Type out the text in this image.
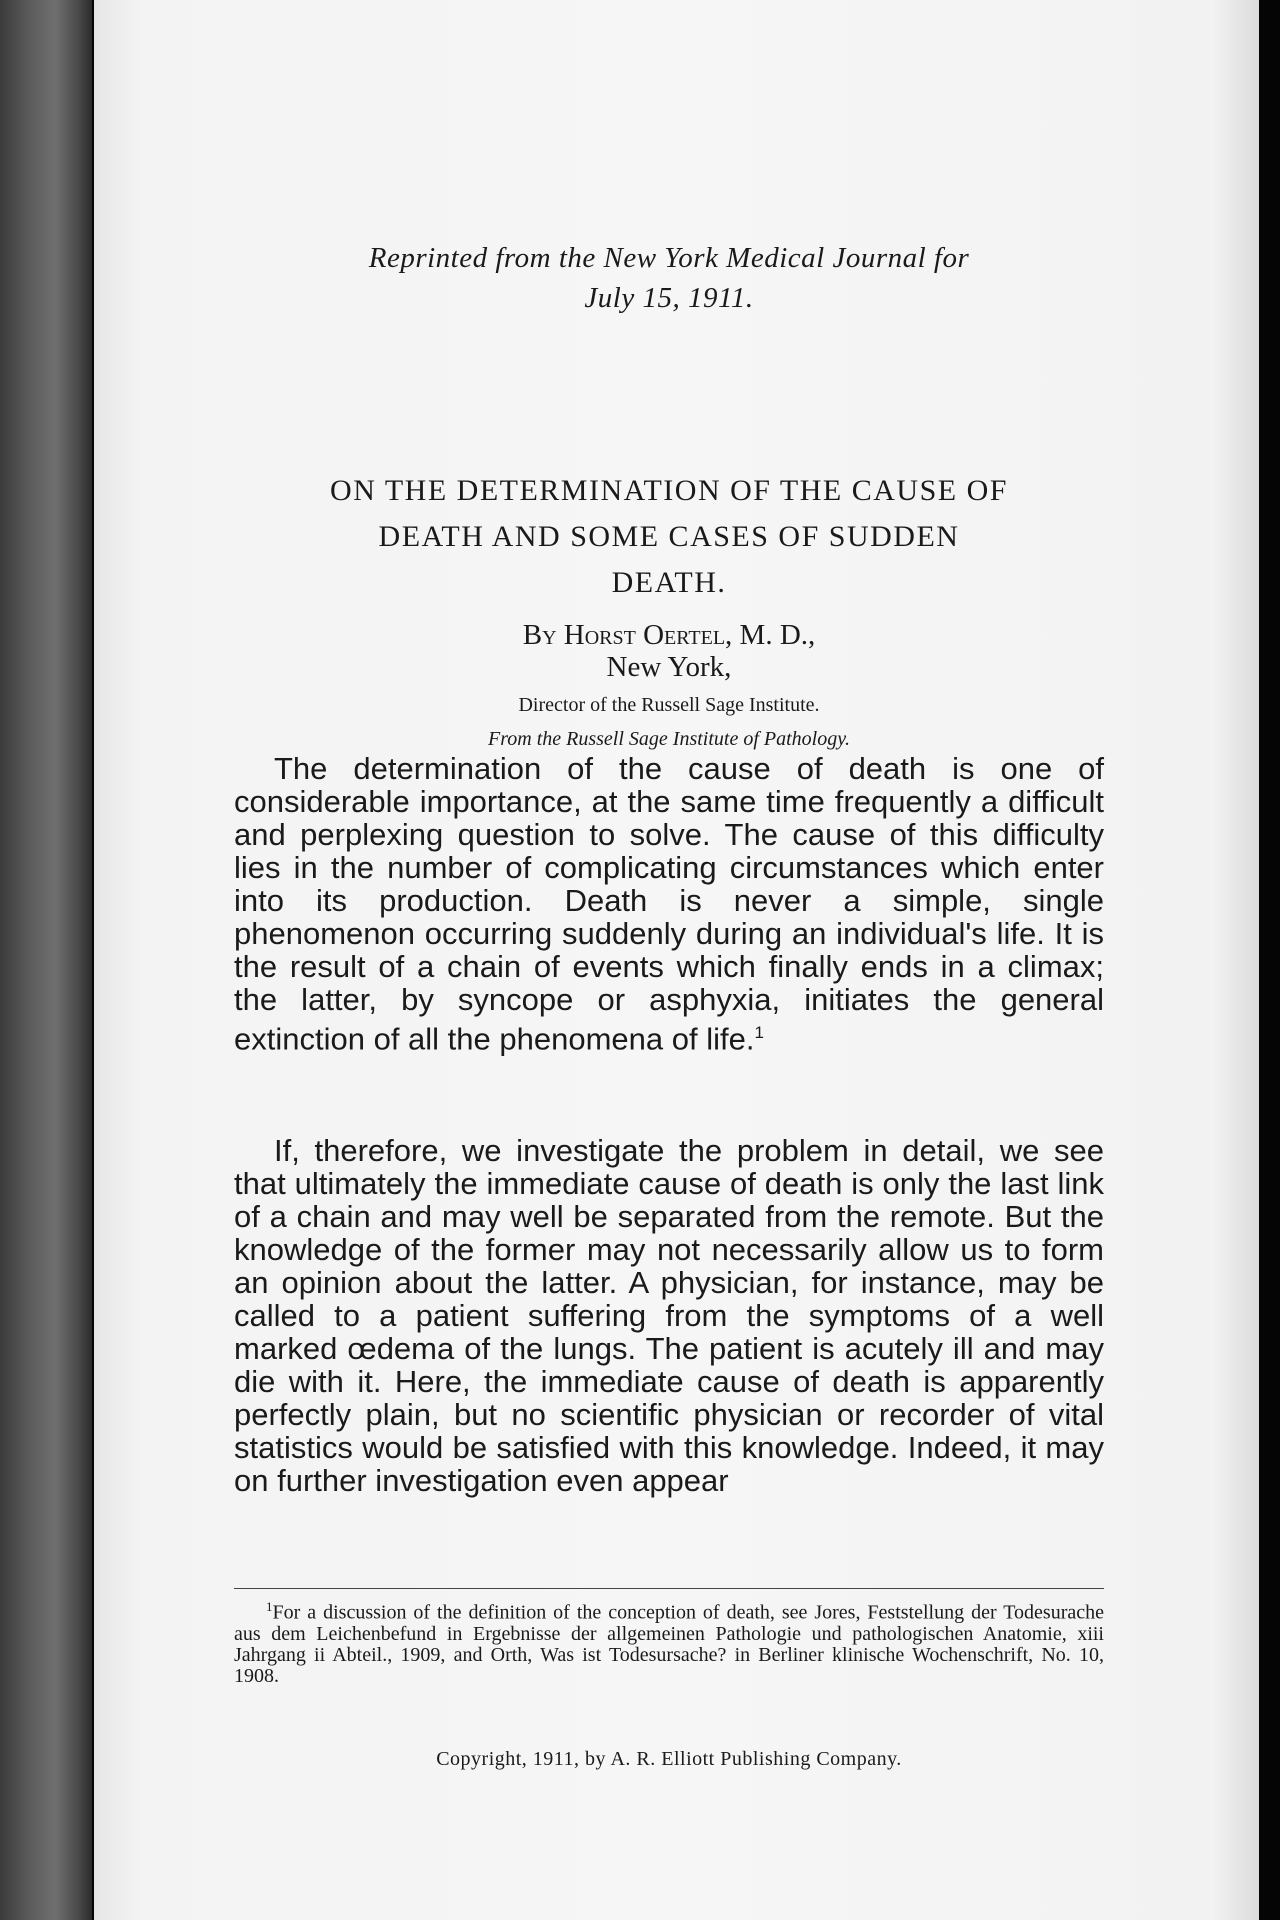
Reprinted from the New York Medical Journal for
July 15, 1911.
ON THE DETERMINATION OF THE CAUSE OF
DEATH AND SOME CASES OF SUDDEN
DEATH.
By Horst Oertel, M. D.,
New York,
Director of the Russell Sage Institute.
From the Russell Sage Institute of Pathology.

The determination of the cause of death is one of considerable importance, at the same time frequently a difficult and perplexing question to solve. The cause of this difficulty lies in the number of complicating circumstances which enter into its production. Death is never a simple, single phenomenon occurring suddenly during an individual's life. It is the result of a chain of events which finally ends in a climax; the latter, by syncope or asphyxia, initiates the general extinction of all the phenomena of life.$^1$

If, therefore, we investigate the problem in detail, we see that ultimately the immediate cause of death is only the last link of a chain and may well be separated from the remote. But the knowledge of the former may not necessarily allow us to form an opinion about the latter. A physician, for instance, may be called to a patient suffering from the symptoms of a well marked œdema of the lungs. The patient is acutely ill and may die with it. Here, the immediate cause of death is apparently perfectly plain, but no scientific physician or recorder of vital statistics would be satisfied with this knowledge. Indeed, it may on further investigation even appear

$^1$For a discussion of the definition of the conception of death, see Jores, Feststellung der Todesurache aus dem Leichenbefund in Ergebnisse der allgemeinen Pathologie und pathologischen Anatomie, xiii Jahrgang ii Abteil., 1909, and Orth, Was ist Todesursache? in Berliner klinische Wochenschrift, No. 10, 1908.

Copyright, 1911, by A. R. Elliott Publishing Company.
